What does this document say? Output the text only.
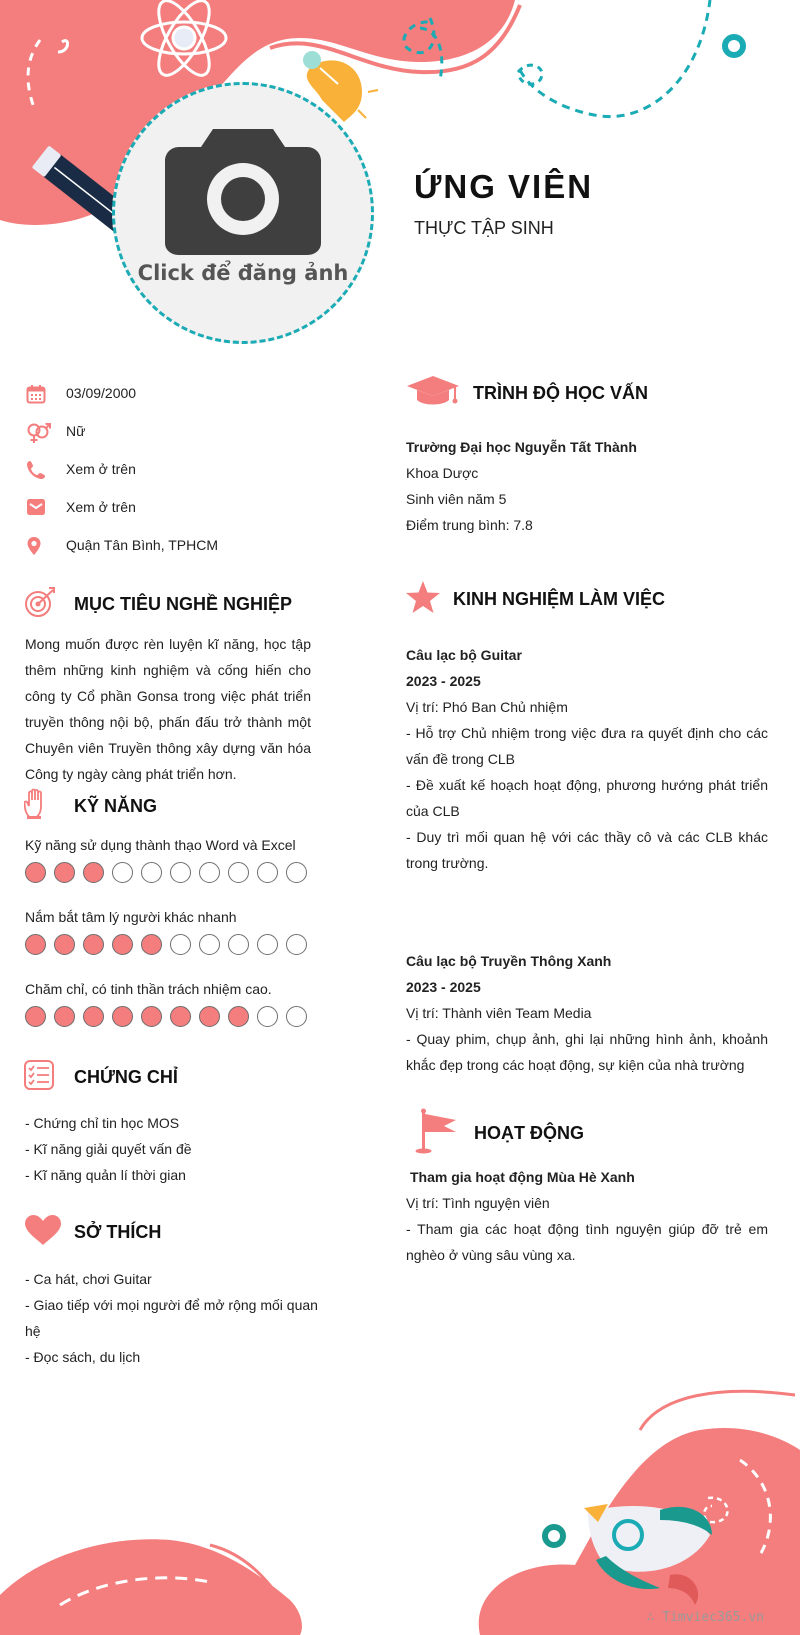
Click để đăng ảnh
ỨNG VIÊN
THỰC TẬP SINH
03/09/2000
Nữ
Xem ở trên
Xem ở trên
Quận Tân Bình, TPHCM
MỤC TIÊU NGHỀ NGHIỆP
Mong muốn được rèn luyện kĩ năng, học tập thêm những kinh nghiệm và cống hiến cho công ty Cổ phần Gonsa trong việc phát triển truyền thông nội bộ, phấn đấu trở thành một Chuyên viên Truyền thông xây dựng văn hóa Công ty ngày càng phát triển hơn.
KỸ NĂNG
Kỹ năng sử dụng thành thạo Word và Excel
Nắm bắt tâm lý người khác nhanh
Chăm chỉ, có tinh thần trách nhiệm cao.
CHỨNG CHỈ
- Chứng chỉ tin học MOS
- Kĩ năng giải quyết vấn đề
- Kĩ năng quản lí thời gian
SỞ THÍCH
- Ca hát, chơi Guitar
- Giao tiếp với mọi người để mở rộng mối quan
hệ
- Đọc sách, du lịch
TRÌNH ĐỘ HỌC VẤN
Trường Đại học Nguyễn Tất Thành
Khoa Dược
Sinh viên năm 5
Điểm trung bình: 7.8
KINH NGHIỆM LÀM VIỆC
Câu lạc bộ Guitar
2023 - 2025
Vị trí: Phó Ban Chủ nhiệm
- Hỗ trợ Chủ nhiệm trong việc đưa ra quyết định cho các vấn đề trong CLB
- Đề xuất kế hoạch hoạt động, phương hướng phát triển của CLB
- Duy trì mối quan hệ với các thầy cô và các CLB khác trong trường.
Câu lạc bộ Truyền Thông Xanh
2023 - 2025
Vị trí: Thành viên Team Media
- Quay phim, chụp ảnh, ghi lại những hình ảnh, khoảnh khắc đẹp trong các hoạt động, sự kiện của nhà trường
HOẠT ĐỘNG
Tham gia hoạt động Mùa Hè Xanh
Vị trí: Tình nguyện viên
- Tham gia các hoạt động tình nguyện giúp đỡ trẻ em nghèo ở vùng sâu vùng xa.
∴ Timviec365.vn
